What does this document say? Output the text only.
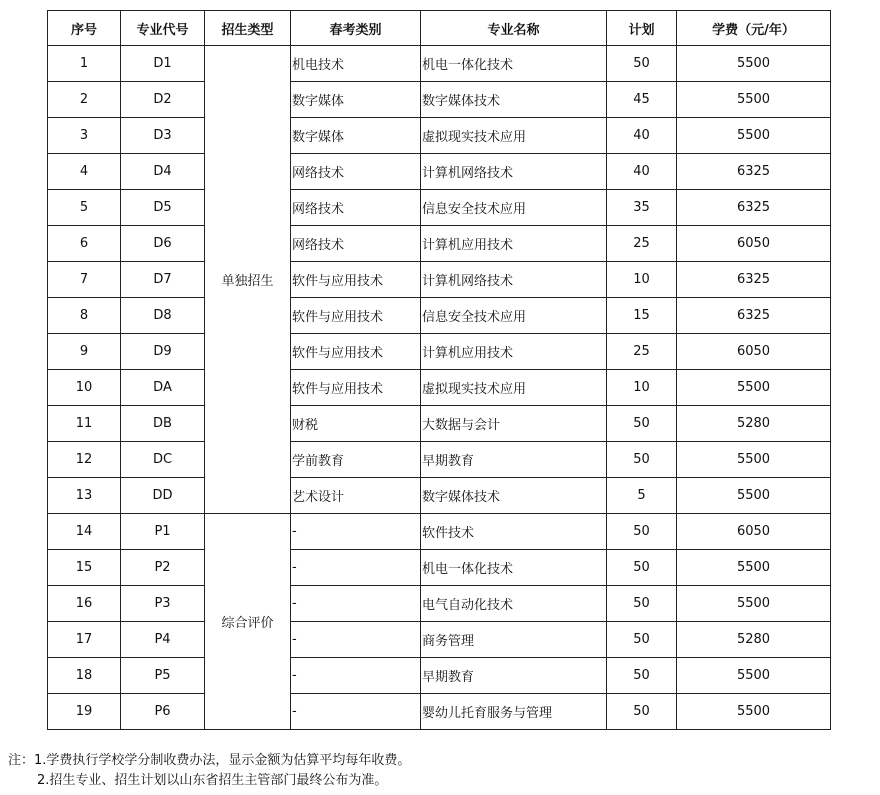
序号	专业代号	招生类型	春考类别	专业名称	计划	学费（元/年）
1	D1	单独招生	机电技术	机电一体化技术	50	5500
2	D2		数字媒体	数字媒体技术	45	5500
3	D3		数字媒体	虚拟现实技术应用	40	5500
4	D4		网络技术	计算机网络技术	40	6325
5	D5		网络技术	信息安全技术应用	35	6325
6	D6		网络技术	计算机应用技术	25	6050
7	D7		软件与应用技术	计算机网络技术	10	6325
8	D8		软件与应用技术	信息安全技术应用	15	6325
9	D9		软件与应用技术	计算机应用技术	25	6050
10	DA		软件与应用技术	虚拟现实技术应用	10	5500
11	DB		财税	大数据与会计	50	5280
12	DC		学前教育	早期教育	50	5500
13	DD		艺术设计	数字媒体技术	5	5500
14	P1	综合评价	-	软件技术	50	6050
15	P2		-	机电一体化技术	50	5500
16	P3		-	电气自动化技术	50	5500
17	P4		-	商务管理	50	5280
18	P5		-	早期教育	50	5500
19	P6		-	婴幼儿托育服务与管理	50	5500
注：1.学费执行学校学分制收费办法，显示金额为估算平均每年收费。
2.招生专业、招生计划以山东省招生主管部门最终公布为准。
